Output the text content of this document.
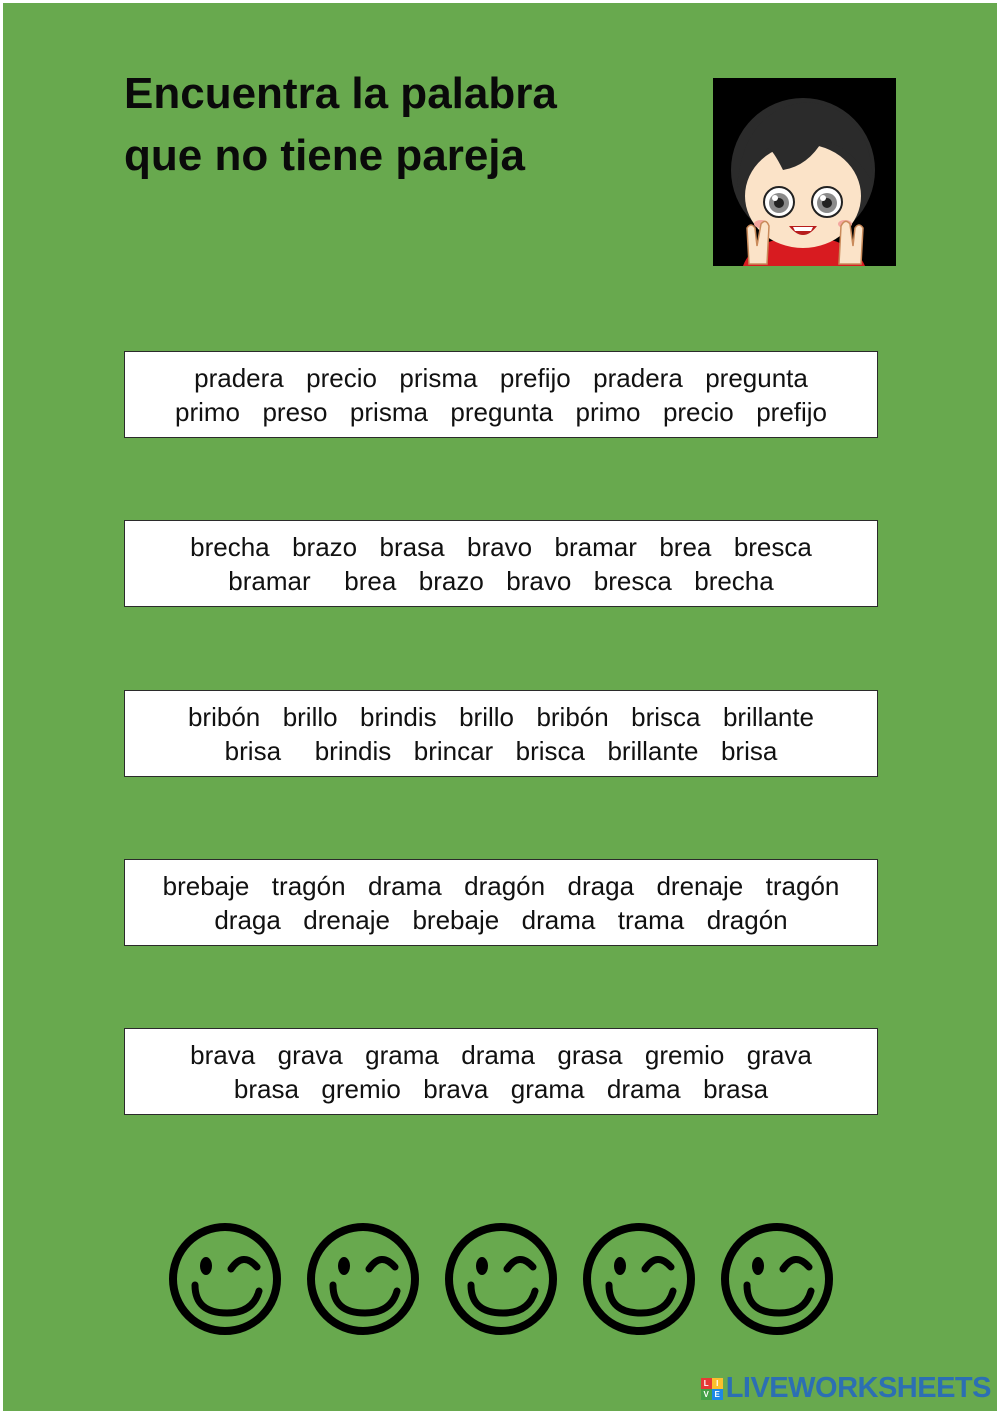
Encuentra la palabra
que no tiene pareja
pradera  precio  prisma  prefijo  pradera  pregunta
primo  preso  prisma  pregunta  primo  precio  prefijo
brecha  brazo  brasa  bravo  bramar  brea  bresca
bramar   brea  brazo  bravo  bresca  brecha
bribón  brillo  brindis  brillo  bribón  brisca  brillante
brisa   brindis  brincar  brisca  brillante  brisa
brebaje  tragón  drama  dragón  draga  drenaje  tragón
draga  drenaje  brebaje  drama  trama  dragón
brava  grava  grama  drama  grasa  gremio  grava
brasa  gremio  brava  grama  drama  brasa
L I
V E LIVEWORKSHEETS
